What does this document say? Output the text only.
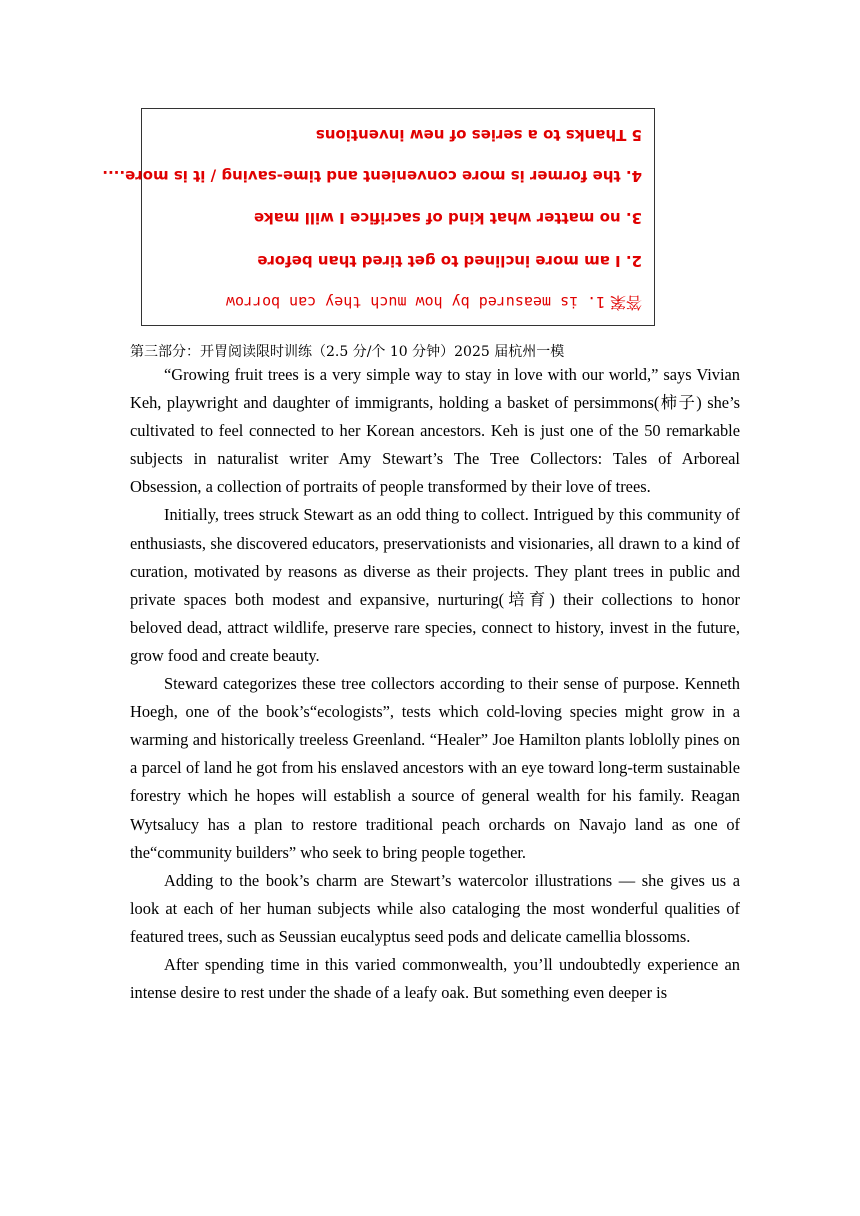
答案 1. is measured by how much they can borrow
2. I am more inclined to get tired than before
3. no matter what kind of sacrifice I will make
4. the former is more convenient and time-saving / it is more....
5 Thanks to a series of new inventions
第三部分：开胃阅读限时训练（2.5 分/个 10 分钟）2025 届杭州一模

“Growing fruit trees is a very simple way to stay in love with our world,” says Vivian Keh, playwright and daughter of immigrants, holding a basket of persimmons(柿子) she’s cultivated to feel connected to her Korean ancestors. Keh is just one of the 50 remarkable subjects in naturalist writer Amy Stewart’s The Tree Collectors: Tales of Arboreal Obsession, a collection of portraits of people transformed by their love of trees.

Initially, trees struck Stewart as an odd thing to collect. Intrigued by this community of enthusiasts, she discovered educators, preservationists and visionaries, all drawn to a kind of curation, motivated by reasons as diverse as their projects. They plant trees in public and private spaces both modest and expansive, nurturing(培育) their collections to honor beloved dead, attract wildlife, preserve rare species, connect to history, invest in the future, grow food and create beauty.

Steward categorizes these tree collectors according to their sense of purpose. Kenneth Hoegh, one of the book’s“ecologists”, tests which cold-loving species might grow in a warming and historically treeless Greenland. “Healer” Joe Hamilton plants loblolly pines on a parcel of land he got from his enslaved ancestors with an eye toward long-term sustainable forestry which he hopes will establish a source of general wealth for his family. Reagan Wytsalucy has a plan to restore traditional peach orchards on Navajo land as one of the“community builders” who seek to bring people together.

Adding to the book’s charm are Stewart’s watercolor illustrations — she gives us a look at each of her human subjects while also cataloging the most wonderful qualities of featured trees, such as Seussian eucalyptus seed pods and delicate camellia blossoms.

After spending time in this varied commonwealth, you’ll undoubtedly experience an intense desire to rest under the shade of a leafy oak. But something even deeper is
